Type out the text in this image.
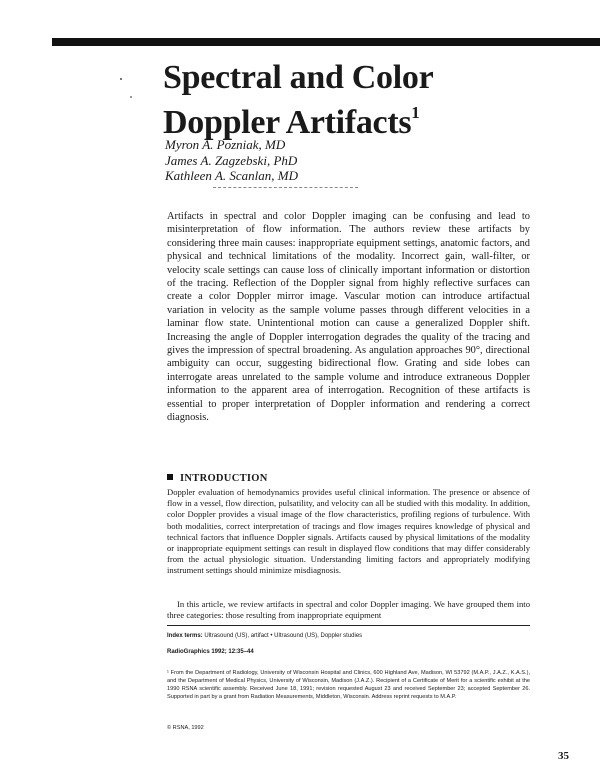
Spectral and Color
Doppler Artifacts$^1$
Myron A. Pozniak, MD
James A. Zagzebski, PhD
Kathleen A. Scanlan, MD

Artifacts in spectral and color Doppler imaging can be confusing and lead to misinterpretation of flow information. The authors review these artifacts by considering three main causes: inappropriate equipment settings, anatomic factors, and physical and technical limitations of the modality. Incorrect gain, wall-filter, or velocity scale settings can cause loss of clinically important information or distortion of the tracing. Reflection of the Doppler signal from highly reflective surfaces can create a color Doppler mirror image. Vascular motion can introduce artifactual variation in velocity as the sample volume passes through different velocities in a laminar flow state. Unintentional motion can cause a generalized Doppler shift. Increasing the angle of Doppler interrogation degrades the quality of the tracing and gives the impression of spectral broadening. As angulation approaches 90°, directional ambiguity can occur, suggesting bidirectional flow. Grating and side lobes can interrogate areas unrelated to the sample volume and introduce extraneous Doppler information to the apparent area of interrogation. Recognition of these artifacts is essential to proper interpretation of Doppler information and rendering a correct diagnosis.

INTRODUCTION

Doppler evaluation of hemodynamics provides useful clinical information. The presence or absence of flow in a vessel, flow direction, pulsatility, and velocity can all be studied with this modality. In addition, color Doppler provides a visual image of the flow characteristics, profiling regions of turbulence. With both modalities, correct interpretation of tracings and flow images requires knowledge of physical and technical factors that influence Doppler signals. Artifacts caused by physical limitations of the modality or inappropriate equipment settings can result in displayed flow conditions that may differ considerably from the actual physiologic situation. Understanding limiting factors and appropriately modifying instrument settings should minimize misdiagnosis.

In this article, we review artifacts in spectral and color Doppler imaging. We have grouped them into three categories: those resulting from inappropriate equipment

Index terms: Ultrasound (US), artifact • Ultrasound (US), Doppler studies
RadioGraphics 1992; 12:35–44
¹ From the Department of Radiology, University of Wisconsin Hospital and Clinics, 600 Highland Ave, Madison, WI 53792 (M.A.P., J.A.Z., K.A.S.), and the Department of Medical Physics, University of Wisconsin, Madison (J.A.Z.). Recipient of a Certificate of Merit for a scientific exhibit at the 1990 RSNA scientific assembly. Received June 18, 1991; revision requested August 23 and received September 23; accepted September 26. Supported in part by a grant from Radiation Measurements, Middleton, Wisconsin. Address reprint requests to M.A.P.
© RSNA, 1992
35
